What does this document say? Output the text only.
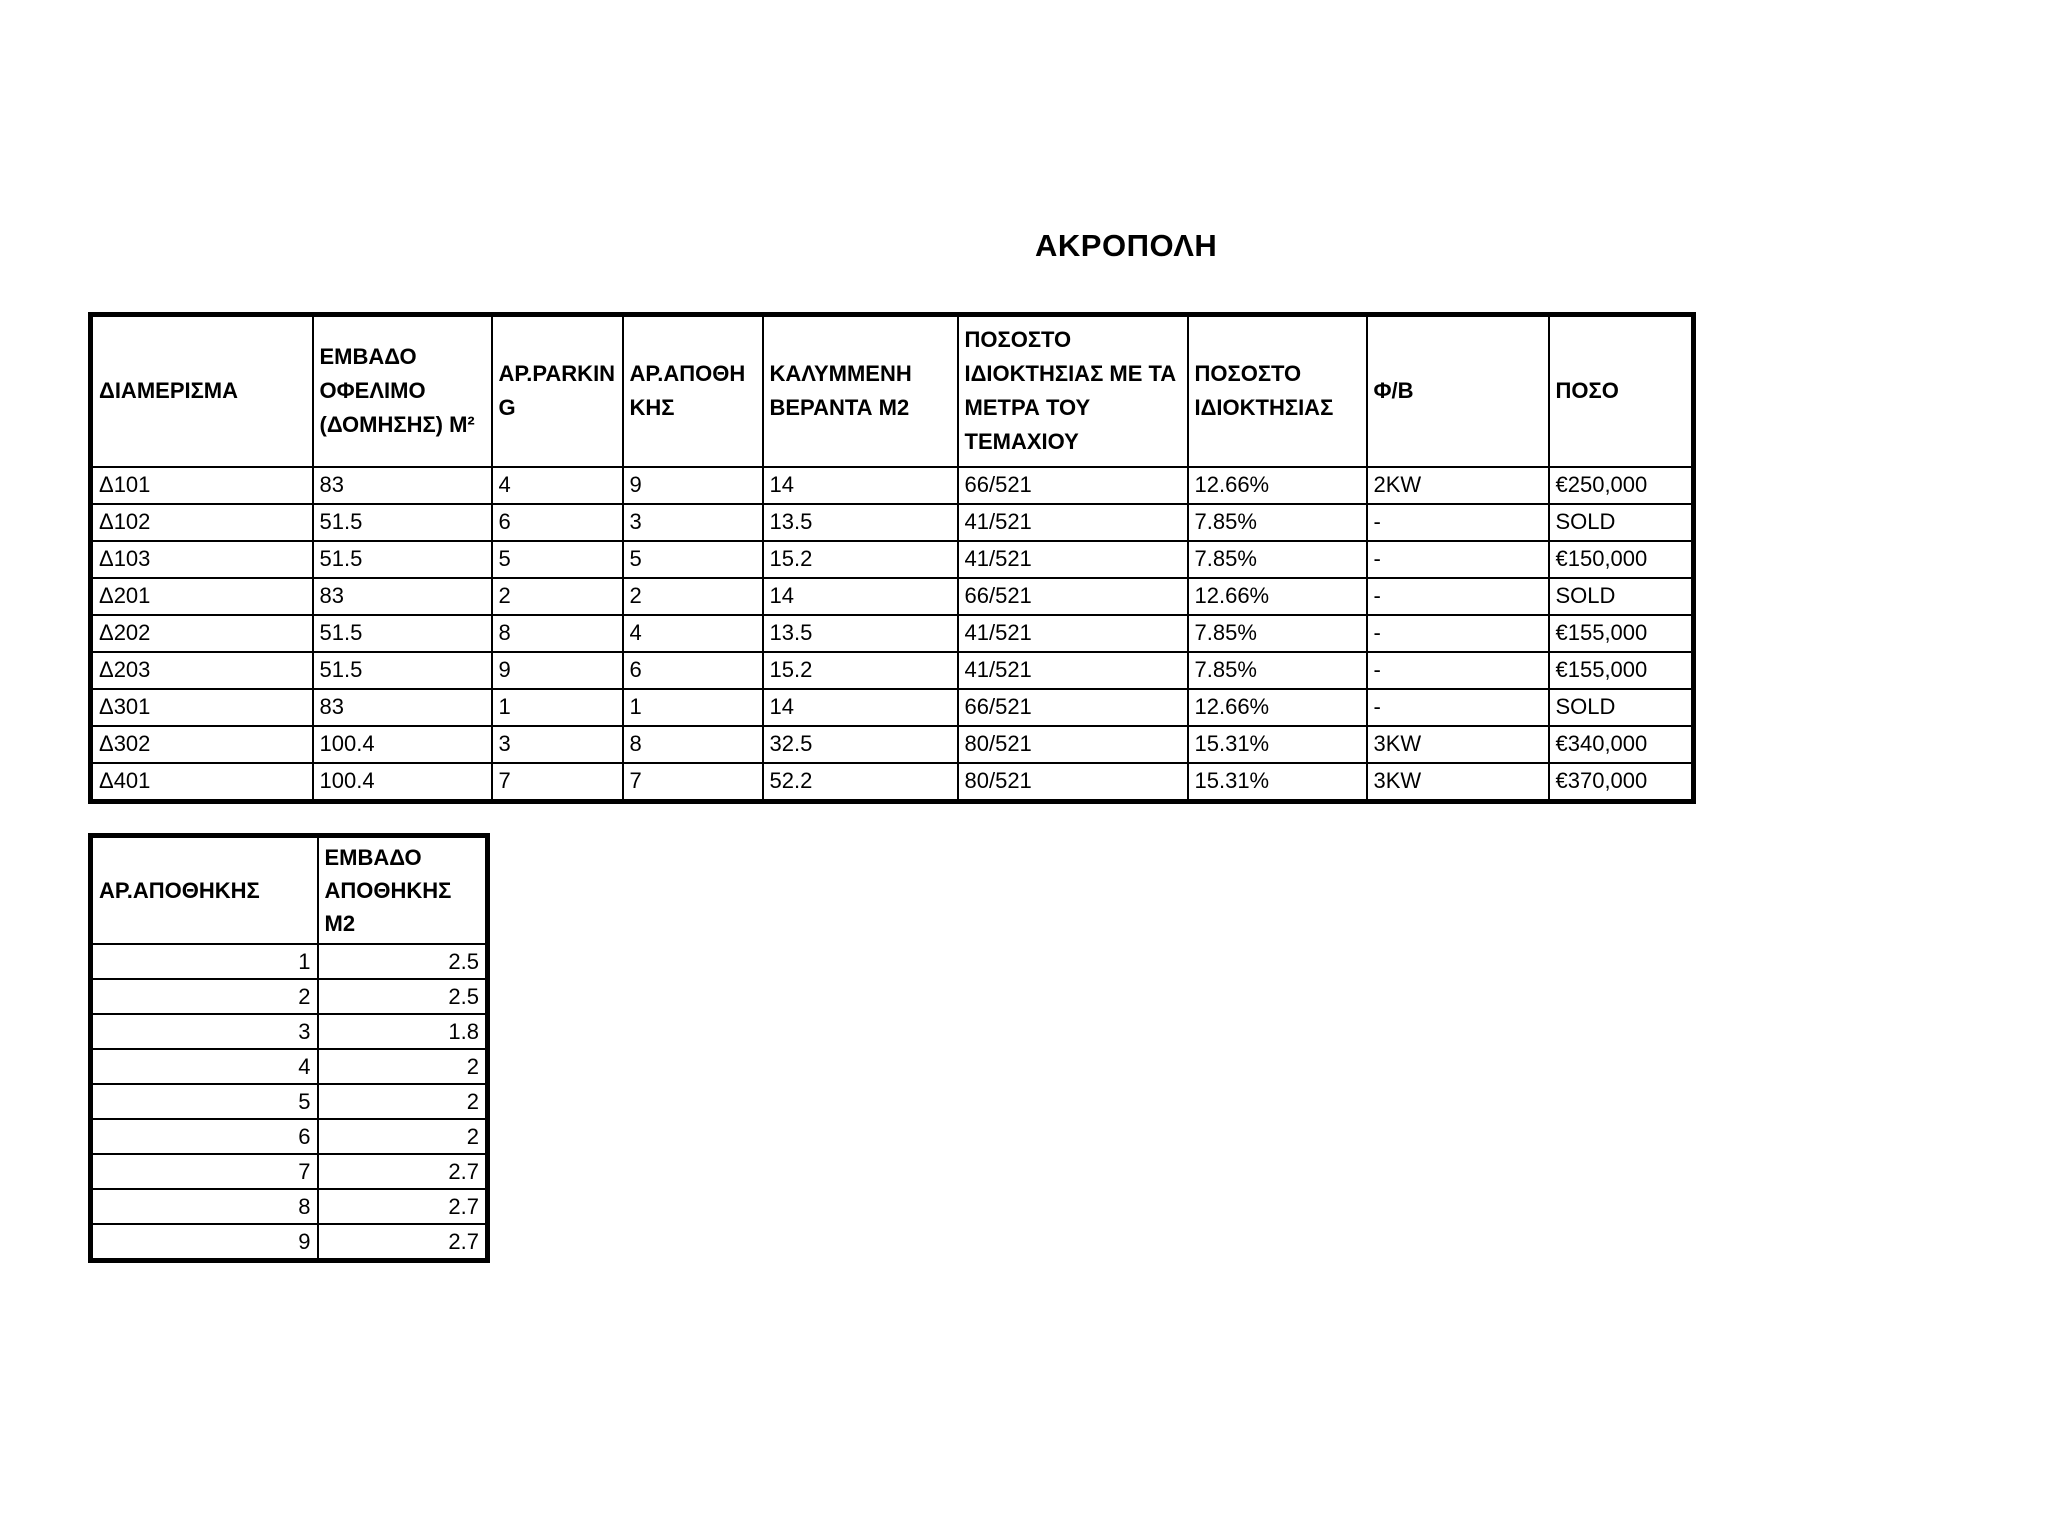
ΑΚΡΟΠΟΛΗ
ΔΙΑΜΕΡΙΣΜΑ	ΕΜΒΑΔΟ ΟΦΕΛΙΜΟ (ΔΟΜΗΣΗΣ) Μ²	ΑΡ.PARKING	ΑΡ.ΑΠΟΘΗΚΗΣ	ΚΑΛΥΜΜΕΝΗ ΒΕΡΑΝΤΑ Μ2	ΠΟΣΟΣΤΟ ΙΔΙΟΚΤΗΣΙΑΣ ΜΕ ΤΑ ΜΕΤΡΑ ΤΟΥ ΤΕΜΑΧΙΟΥ	ΠΟΣΟΣΤΟ ΙΔΙΟΚΤΗΣΙΑΣ	Φ/Β	ΠΟΣΟ
Δ101	83	4	9	14	66/521	12.66%	2KW	€250,000
Δ102	51.5	6	3	13.5	41/521	7.85%	-	SOLD
Δ103	51.5	5	5	15.2	41/521	7.85%	-	€150,000
Δ201	83	2	2	14	66/521	12.66%	-	SOLD
Δ202	51.5	8	4	13.5	41/521	7.85%	-	€155,000
Δ203	51.5	9	6	15.2	41/521	7.85%	-	€155,000
Δ301	83	1	1	14	66/521	12.66%	-	SOLD
Δ302	100.4	3	8	32.5	80/521	15.31%	3KW	€340,000
Δ401	100.4	7	7	52.2	80/521	15.31%	3KW	€370,000
ΑΡ.ΑΠΟΘΗΚΗΣ	ΕΜΒΑΔΟ ΑΠΟΘΗΚΗΣ Μ2
1	2.5
2	2.5
3	1.8
4	2
5	2
6	2
7	2.7
8	2.7
9	2.7
